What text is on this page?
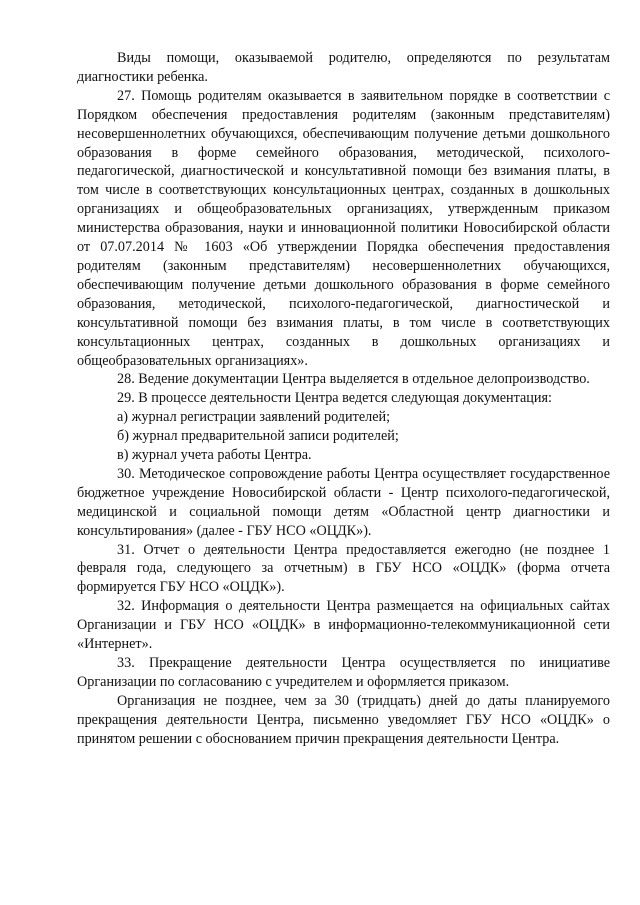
Виды помощи, оказываемой родителю, определяются по результатам диагностики ребенка.

27. Помощь родителям оказывается в заявительном порядке в соответствии с Порядком обеспечения предоставления родителям (законным представителям) несовершеннолетних обучающихся, обеспечивающим получение детьми дошкольного образования в форме семейного образования, методической, психолого-педагогической, диагностической и консультативной помощи без взимания платы, в том числе в соответствующих консультационных центрах, созданных в дошкольных организациях и общеобразовательных организациях, утвержденным приказом министерства образования, науки и инновационной политики Новосибирской области от 07.07.2014 № 1603 «Об утверждении Порядка обеспечения предоставления родителям (законным представителям) несовершеннолетних обучающихся, обеспечивающим получение детьми дошкольного образования в форме семейного образования, методической, психолого-педагогической, диагностической и консультативной помощи без взимания платы, в том числе в соответствующих консультационных центрах, созданных в дошкольных организациях и общеобразовательных организациях».

28. Ведение документации Центра выделяется в отдельное делопроизводство.

29. В процессе деятельности Центра ведется следующая документация:

а) журнал регистрации заявлений родителей;

б) журнал предварительной записи родителей;

в) журнал учета работы Центра.

30. Методическое сопровождение работы Центра осуществляет государственное бюджетное учреждение Новосибирской области - Центр психолого-педагогической, медицинской и социальной помощи детям «Областной центр диагностики и консультирования» (далее - ГБУ НСО «ОЦДК»).

31. Отчет о деятельности Центра предоставляется ежегодно (не позднее 1 февраля года, следующего за отчетным) в ГБУ НСО «ОЦДК» (форма отчета формируется ГБУ НСО «ОЦДК»).

32. Информация о деятельности Центра размещается на официальных сайтах Организации и ГБУ НСО «ОЦДК» в информационно-телекоммуникационной сети «Интернет».

33. Прекращение деятельности Центра осуществляется по инициативе Организации по согласованию с учредителем и оформляется приказом.

Организация не позднее, чем за 30 (тридцать) дней до даты планируемого прекращения деятельности Центра, письменно уведомляет ГБУ НСО «ОЦДК» о принятом решении с обоснованием причин прекращения деятельности Центра.
